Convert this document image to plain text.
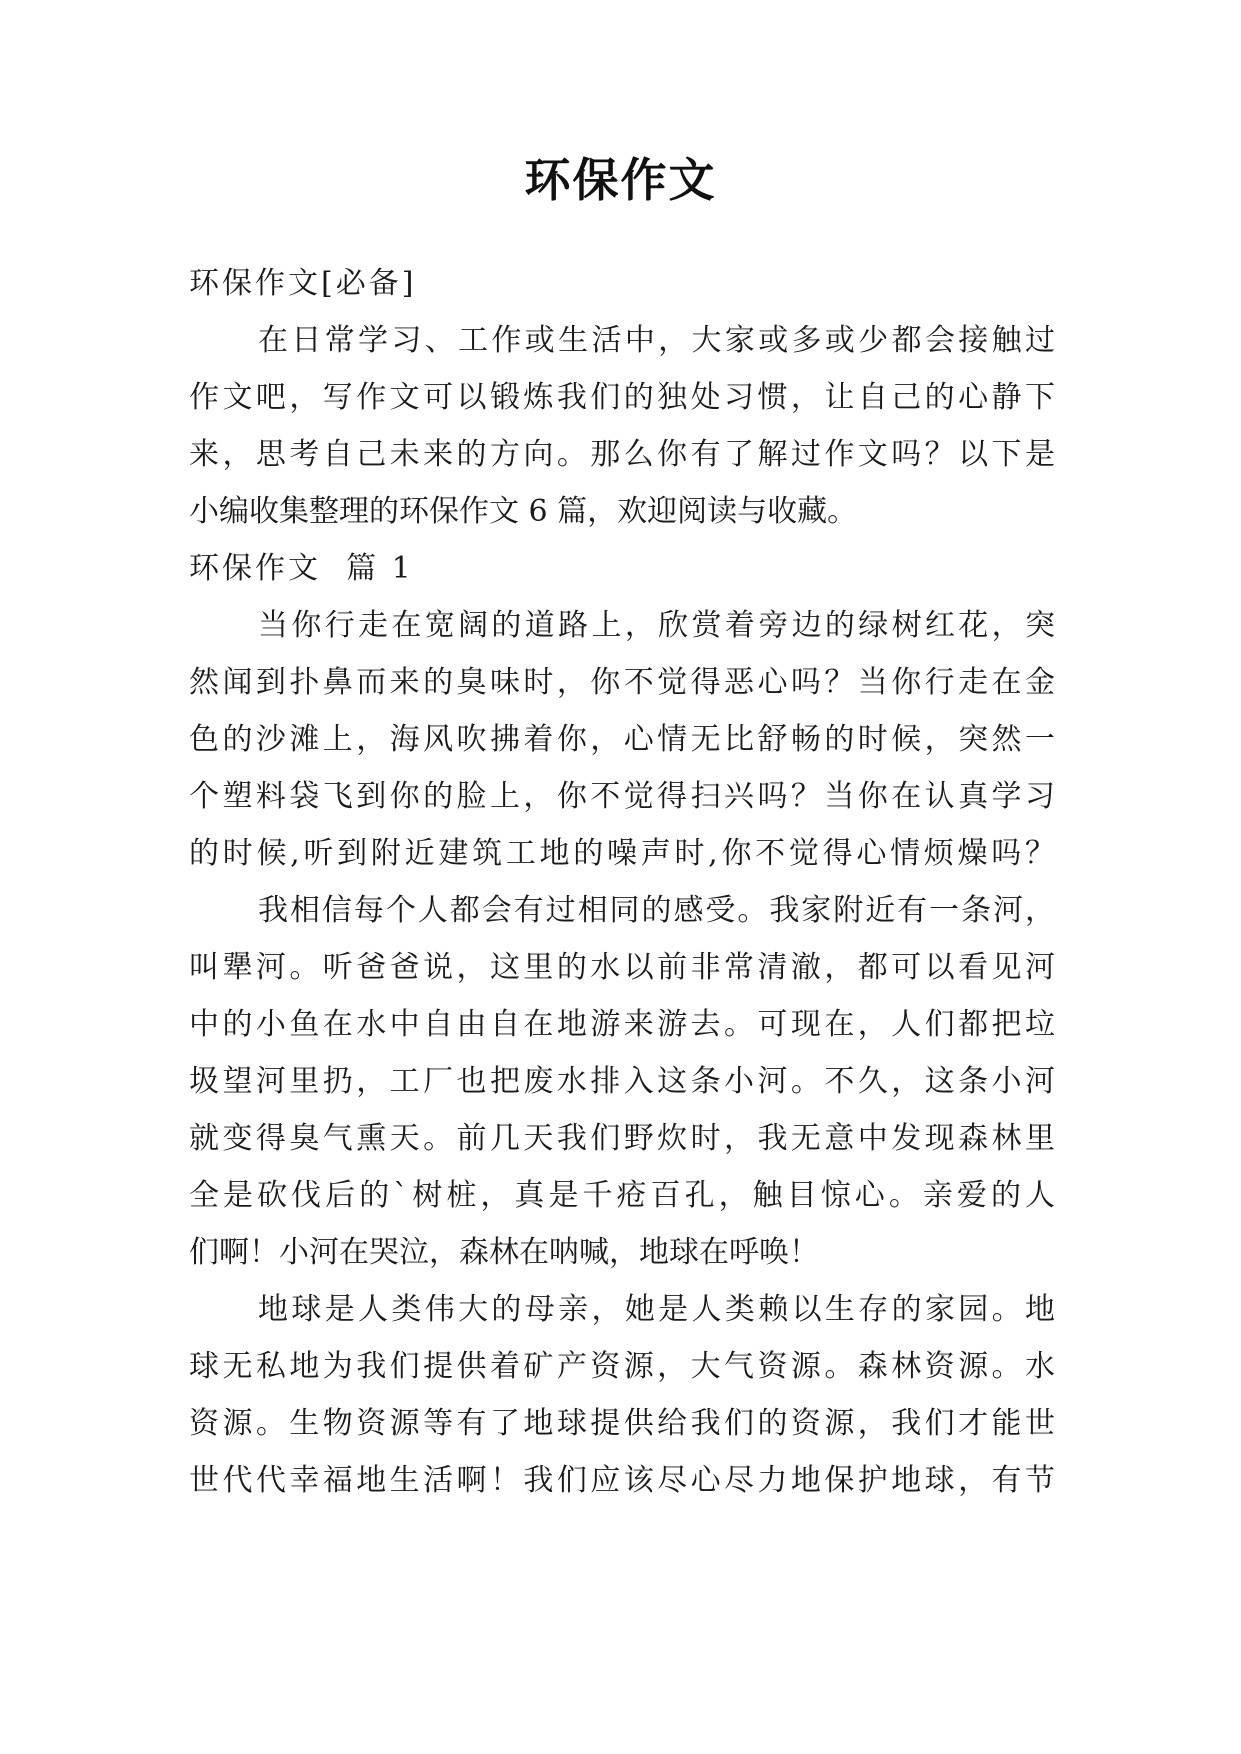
环保作文
环保作文[必备]
在日常学习、工作或生活中，大家或多或少都会接触过
作文吧，写作文可以锻炼我们的独处习惯，让自己的心静下
来，思考自己未来的方向。那么你有了解过作文吗？以下是
小编收集整理的环保作文 6 篇，欢迎阅读与收藏。
环保作文  篇 1
当你行走在宽阔的道路上，欣赏着旁边的绿树红花，突
然闻到扑鼻而来的臭味时，你不觉得恶心吗？当你行走在金
色的沙滩上，海风吹拂着你，心情无比舒畅的时候，突然一
个塑料袋飞到你的脸上，你不觉得扫兴吗？当你在认真学习
的时候,听到附近建筑工地的噪声时,你不觉得心情烦燥吗？
我相信每个人都会有过相同的感受。我家附近有一条河，
叫犟河。听爸爸说，这里的水以前非常清澈，都可以看见河
中的小鱼在水中自由自在地游来游去。可现在，人们都把垃
圾望河里扔，工厂也把废水排入这条小河。不久，这条小河
就变得臭气熏天。前几天我们野炊时，我无意中发现森林里
全是砍伐后的`树桩，真是千疮百孔，触目惊心。亲爱的人
们啊！小河在哭泣，森林在呐喊，地球在呼唤！
地球是人类伟大的母亲，她是人类赖以生存的家园。地
球无私地为我们提供着矿产资源，大气资源。森林资源。水
资源。生物资源等有了地球提供给我们的资源，我们才能世
世代代幸福地生活啊！我们应该尽心尽力地保护地球，有节
